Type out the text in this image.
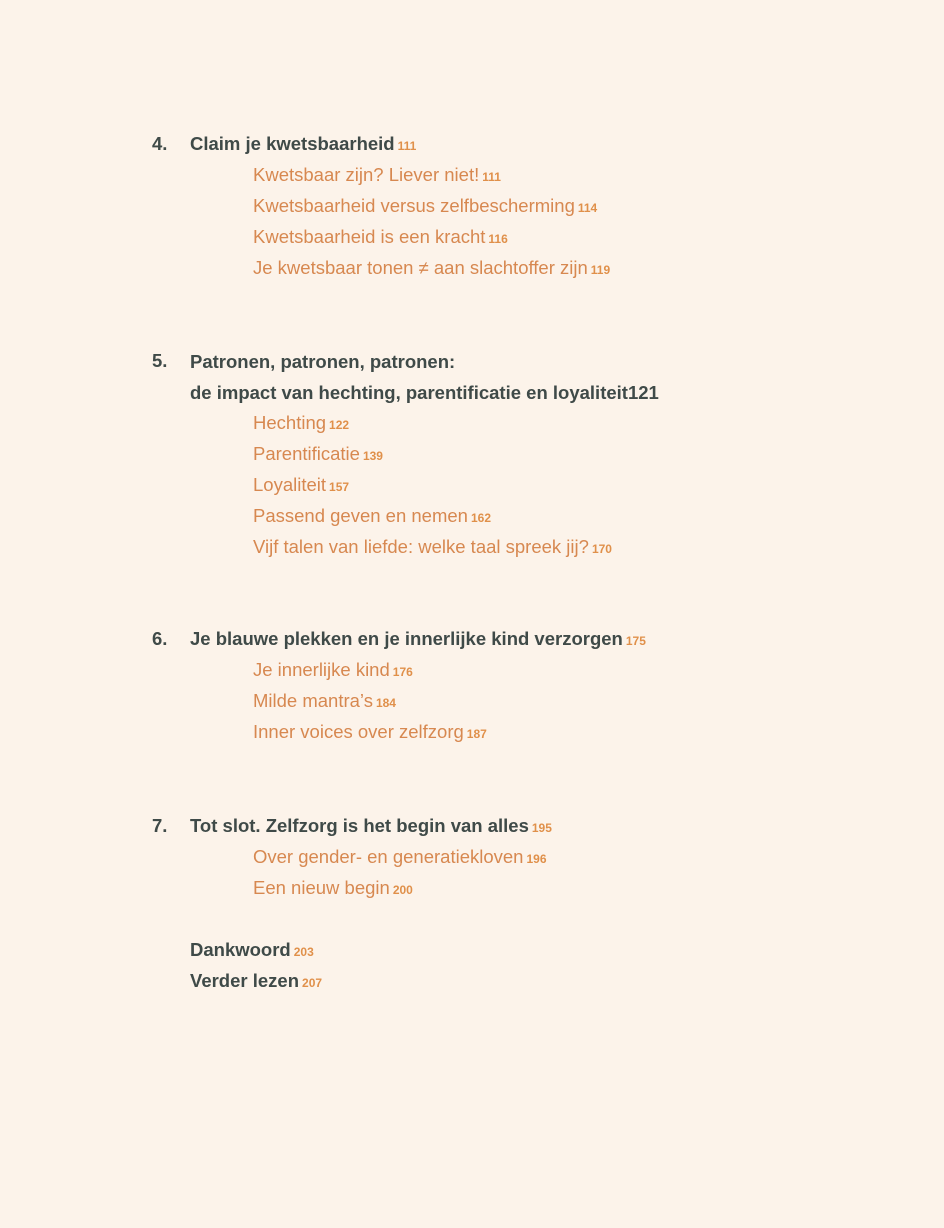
4. Claim je kwetsbaarheid 111
Kwetsbaar zijn? Liever niet! 111
Kwetsbaarheid versus zelfbescherming 114
Kwetsbaarheid is een kracht 116
Je kwetsbaar tonen ≠ aan slachtoffer zijn 119
5. Patronen, patronen, patronen:
de impact van hechting, parentificatie en loyaliteit121
Hechting 122
Parentificatie 139
Loyaliteit 157
Passend geven en nemen 162
Vijf talen van liefde: welke taal spreek jij? 170
6. Je blauwe plekken en je innerlijke kind verzorgen 175
Je innerlijke kind 176
Milde mantra’s 184
Inner voices over zelfzorg 187
7. Tot slot. Zelfzorg is het begin van alles 195
Over gender- en generatiekloven 196
Een nieuw begin 200
Dankwoord 203
Verder lezen 207
